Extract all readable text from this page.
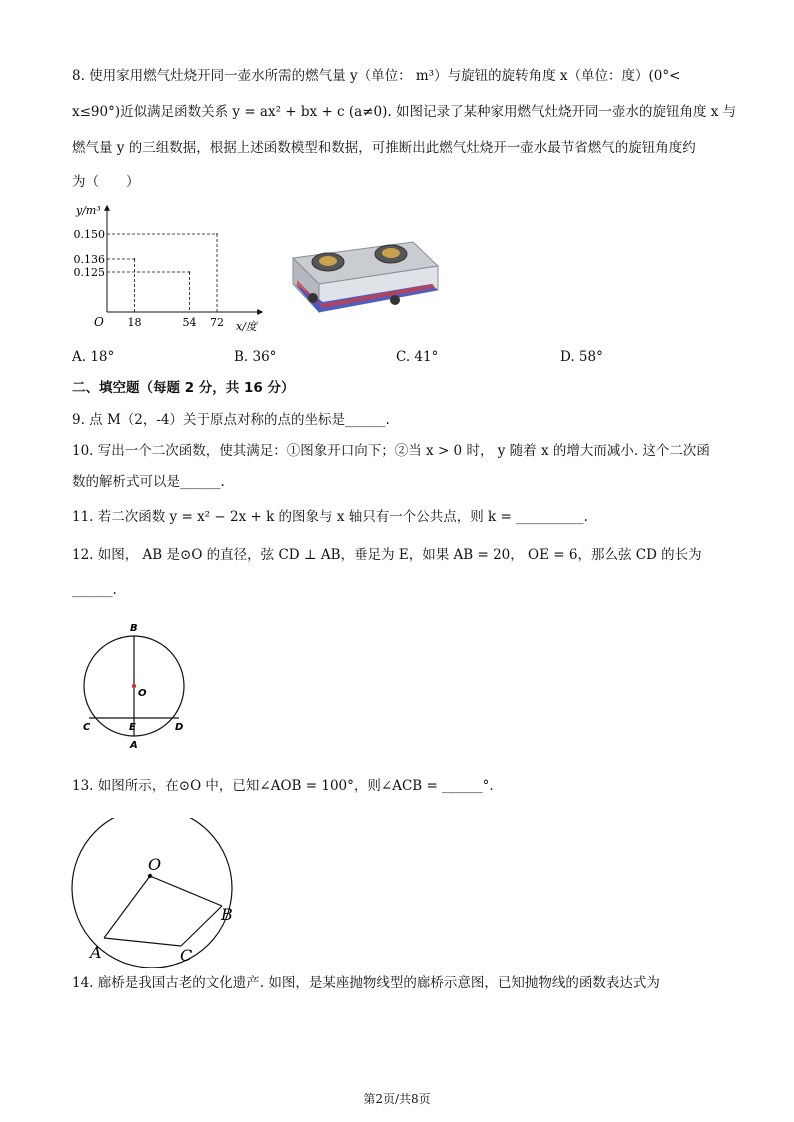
8. 使用家用燃气灶烧开同一壶水所需的燃气量 y（单位： m³）与旋钮的旋转角度 x（单位：度）(0°<
x≤90°)近似满足函数关系 y = ax² + bx + c (a≠0). 如图记录了某种家用燃气灶烧开同一壶水的旋钮角度 x 与
燃气量 y 的三组数据，根据上述函数模型和数据，可推断出此燃气灶烧开一壶水最节省燃气的旋钮角度约
为（　　）
18	54 72
0.150
0.136
0.125
y/m³
x/度
O
A. 18°	B. 36°	C. 41°	D. 58°
二、填空题（每题 2 分，共 16 分）
9. 点 M（2，-4）关于原点对称的点的坐标是______.
10. 写出一个二次函数，使其满足：①图象开口向下；②当 x > 0 时， y 随着 x 的增大而减小. 这个二次函
数的解析式可以是______.
11. 若二次函数 y = x² − 2x + k 的图象与 x 轴只有一个公共点，则 k = __________.
12. 如图， AB 是⊙O 的直径，弦 CD ⊥ AB，垂足为 E，如果 AB = 20， OE = 6，那么弦 CD 的长为
______.
B
O
C	E	D
A
13. 如图所示，在⊙O 中，已知∠AOB = 100°，则∠ACB = ______°.
O
B
A	C
14. 廊桥是我国古老的文化遗产. 如图，是某座抛物线型的廊桥示意图，已知抛物线的函数表达式为
第2页/共8页
